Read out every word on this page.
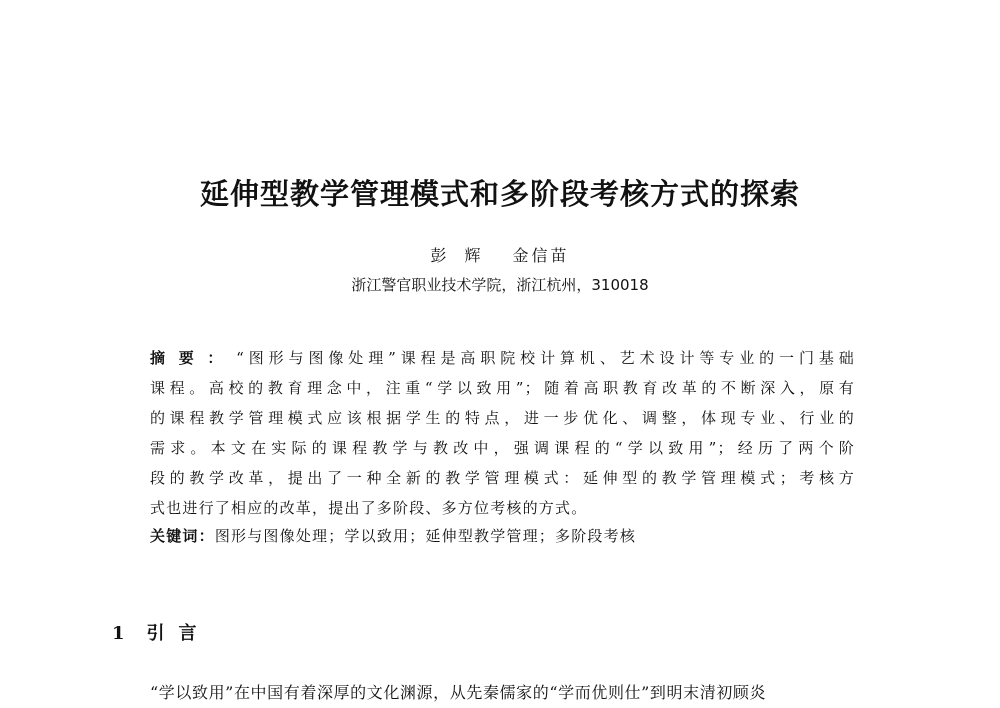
延伸型教学管理模式和多阶段考核方式的探索
彭辉 金信苗
浙江警官职业技术学院，浙江杭州，310018
摘要：“图形与图像处理”课程是高职院校计算机、艺术设计等专业的一门基础
课程。高校的教育理念中，注重“学以致用”；随着高职教育改革的不断深入，原有
的课程教学管理模式应该根据学生的特点，进一步优化、调整，体现专业、行业的
需求。本文在实际的课程教学与教改中，强调课程的“学以致用”；经历了两个阶
段的教学改革，提出了一种全新的教学管理模式：延伸型的教学管理模式；考核方
式也进行了相应的改革，提出了多阶段、多方位考核的方式。
关键词：图形与图像处理；学以致用；延伸型教学管理；多阶段考核
1 引言
“学以致用”在中国有着深厚的文化渊源，从先秦儒家的“学而优则仕”到明末清初顾炎
